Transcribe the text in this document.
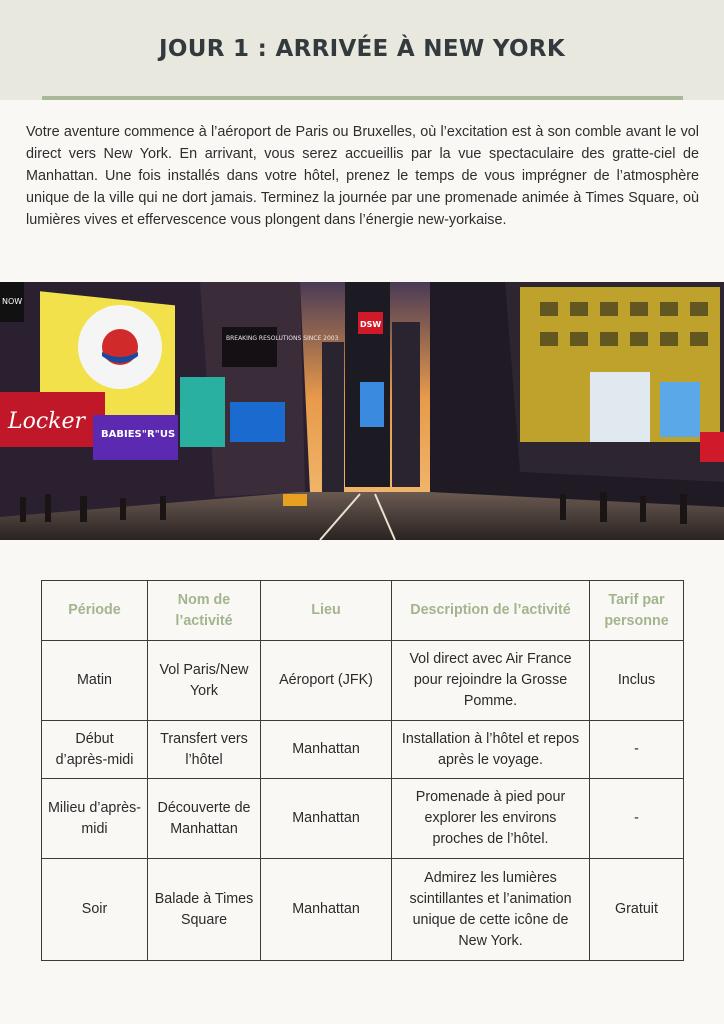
JOUR 1 : ARRIVÉE À NEW YORK

Votre aventure commence à l’aéroport de Paris ou Bruxelles, où l’excitation est à son comble avant le vol direct vers New York. En arrivant, vous serez accueillis par la vue spectaculaire des gratte-ciel de Manhattan. Une fois installés dans votre hôtel, prenez le temps de vous imprégner de l’atmosphère unique de la ville qui ne dort jamais. Terminez la journée par une promenade animée à Times Square, où lumières vives et effervescence vous plongent dans l’énergie new-yorkaise.

Locker
BABIES"R"US
BREAKING RESOLUTIONS SINCE 2003
DSW
NOW
Période	Nom de l’activité	Lieu	Description de l’activité	Tarif par personne
Matin	Vol Paris/New York	Aéroport (JFK)	Vol direct avec Air France pour rejoindre la Grosse Pomme.	Inclus
Début d’après-midi	Transfert vers l’hôtel	Manhattan	Installation à l’hôtel et repos après le voyage.	-
Milieu d’après-midi	Découverte de Manhattan	Manhattan	Promenade à pied pour explorer les environs proches de l’hôtel.	-
Soir	Balade à Times Square	Manhattan	Admirez les lumières scintillantes et l’animation unique de cette icône de New York.	Gratuit
